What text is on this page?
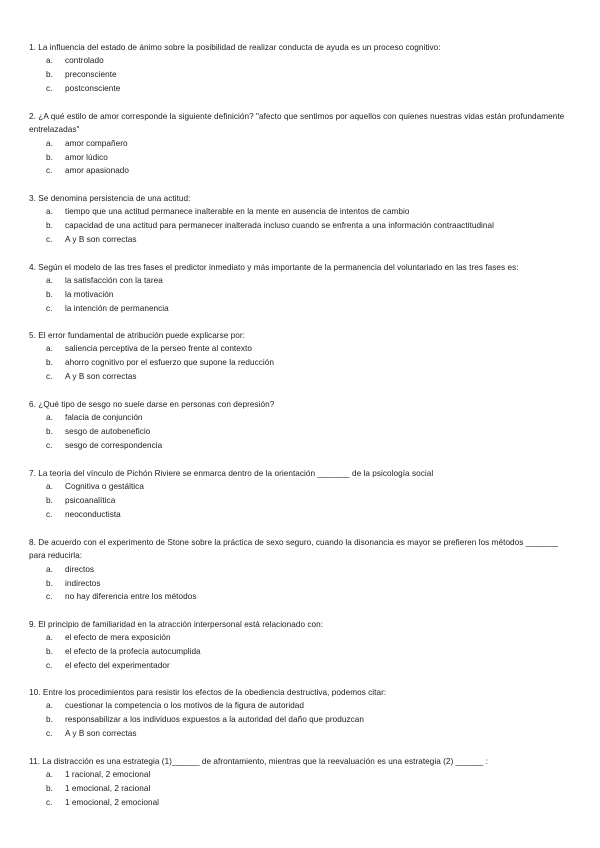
1. La influencia del estado de ánimo sobre la posibilidad de realizar conducta de ayuda es un proceso cognitivo:

a.	controlado
b.	preconsciente
c.	postconsciente

2. ¿A qué estilo de amor corresponde la siguiente definición? "afecto que sentimos por aquellos con quienes nuestras vidas están profundamente entrelazadas"

a.	amor compañero
b.	amor lúdico
c.	amor apasionado

3. Se denomina persistencia de una actitud:

a.	tiempo que una actitud permanece inalterable en la mente en ausencia de intentos de cambio
b.	capacidad de una actitud para permanecer inalterada incluso cuando se enfrenta a una información contraactitudinal
c.	A y B son correctas

4. Según el modelo de las tres fases el predictor inmediato y más importante de la permanencia del voluntariado en las tres fases es:

a.	la satisfacción con la tarea
b.	la motivación
c.	la intención de permanencia

5. El error fundamental de atribución puede explicarse por:

a.	saliencia perceptiva de la perseo frente al contexto
b.	ahorro cognitivo por el esfuerzo que supone la reducción
c.	A y B son correctas

6. ¿Qué tipo de sesgo no suele darse en personas con depresión?

a.	falacia de conjunción
b.	sesgo de autobeneficio
c.	sesgo de correspondencia

7. La teoría del vínculo de Pichón Riviere se enmarca dentro de la orientación _______ de la psicología social

a.	Cognitiva o gestáltica
b.	psicoanalítica
c.	neoconductista

8. De acuerdo con el experimento de Stone sobre la práctica de sexo seguro, cuando la disonancia es mayor se prefieren los métodos _______ para reducirla:

a.	directos
b.	indirectos
c.	no hay diferencia entre los métodos

9. El principio de familiaridad en la atracción interpersonal está relacionado con:

a.	el efecto de mera exposición
b.	el efecto de la profecía autocumplida
c.	el efecto del experimentador

10. Entre los procedimientos para resistir los efectos de la obediencia destructiva, podemos citar:

a.	cuestionar la competencia o los motivos de la figura de autoridad
b.	responsabilizar a los individuos expuestos a la autoridad del daño que produzcan
c.	A y B son correctas

11. La distracción es una estrategia (1)______ de afrontamiento, mientras que la reevaluación es una estrategia (2) ______ :

a.	1 racional, 2 emocional
b.	1 emocional, 2 racional
c.	1 emocional, 2 emocional
